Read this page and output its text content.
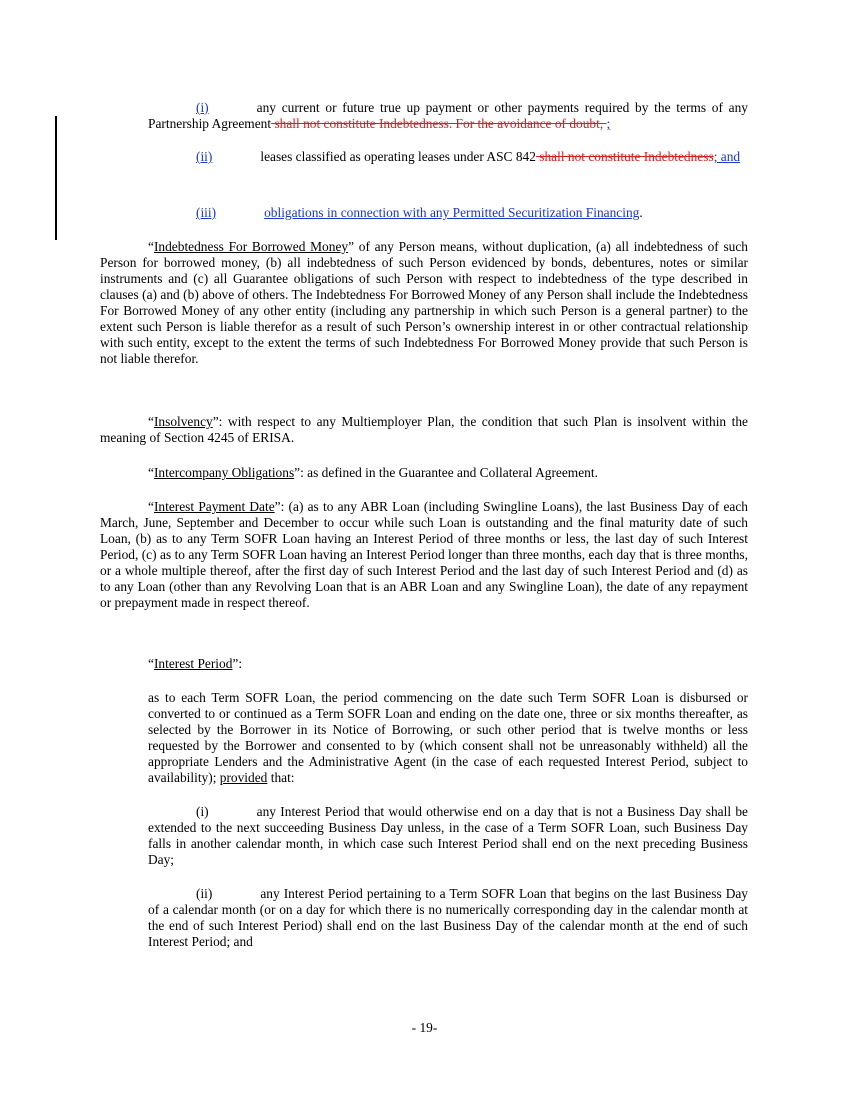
(i)	any current or future true up payment or other payments required by the terms of any Partnership Agreement shall not constitute Indebtedness. For the avoidance of doubt, ;

(ii)	leases classified as operating leases under ASC 842 shall not constitute Indebtedness; and

(iii)	obligations in connection with any Permitted Securitization Financing.

“Indebtedness For Borrowed Money” of any Person means, without duplication, (a) all indebtedness of such Person for borrowed money, (b) all indebtedness of such Person evidenced by bonds, debentures, notes or similar instruments and (c) all Guarantee obligations of such Person with respect to indebtedness of the type described in clauses (a) and (b) above of others. The Indebtedness For Borrowed Money of any Person shall include the Indebtedness For Borrowed Money of any other entity (including any partnership in which such Person is a general partner) to the extent such Person is liable therefor as a result of such Person’s ownership interest in or other contractual relationship with such entity, except to the extent the terms of such Indebtedness For Borrowed Money provide that such Person is not liable therefor.

“Insolvency”: with respect to any Multiemployer Plan, the condition that such Plan is insolvent within the meaning of Section 4245 of ERISA.

“Intercompany Obligations”: as defined in the Guarantee and Collateral Agreement.

“Interest Payment Date”: (a) as to any ABR Loan (including Swingline Loans), the last Business Day of each March, June, September and December to occur while such Loan is outstanding and the final maturity date of such Loan, (b) as to any Term SOFR Loan having an Interest Period of three months or less, the last day of such Interest Period, (c) as to any Term SOFR Loan having an Interest Period longer than three months, each day that is three months, or a whole multiple thereof, after the first day of such Interest Period and the last day of such Interest Period and (d) as to any Loan (other than any Revolving Loan that is an ABR Loan and any Swingline Loan), the date of any repayment or prepayment made in respect thereof.

“Interest Period”:

as to each Term SOFR Loan, the period commencing on the date such Term SOFR Loan is disbursed or converted to or continued as a Term SOFR Loan and ending on the date one, three or six months thereafter, as selected by the Borrower in its Notice of Borrowing, or such other period that is twelve months or less requested by the Borrower and consented to by (which consent shall not be unreasonably withheld) all the appropriate Lenders and the Administrative Agent (in the case of each requested Interest Period, subject to availability); provided that:

(i)	any Interest Period that would otherwise end on a day that is not a Business Day shall be extended to the next succeeding Business Day unless, in the case of a Term SOFR Loan, such Business Day falls in another calendar month, in which case such Interest Period shall end on the next preceding Business Day;

(ii)	any Interest Period pertaining to a Term SOFR Loan that begins on the last Business Day of a calendar month (or on a day for which there is no numerically corresponding day in the calendar month at the end of such Interest Period) shall end on the last Business Day of the calendar month at the end of such Interest Period; and

- 19-
